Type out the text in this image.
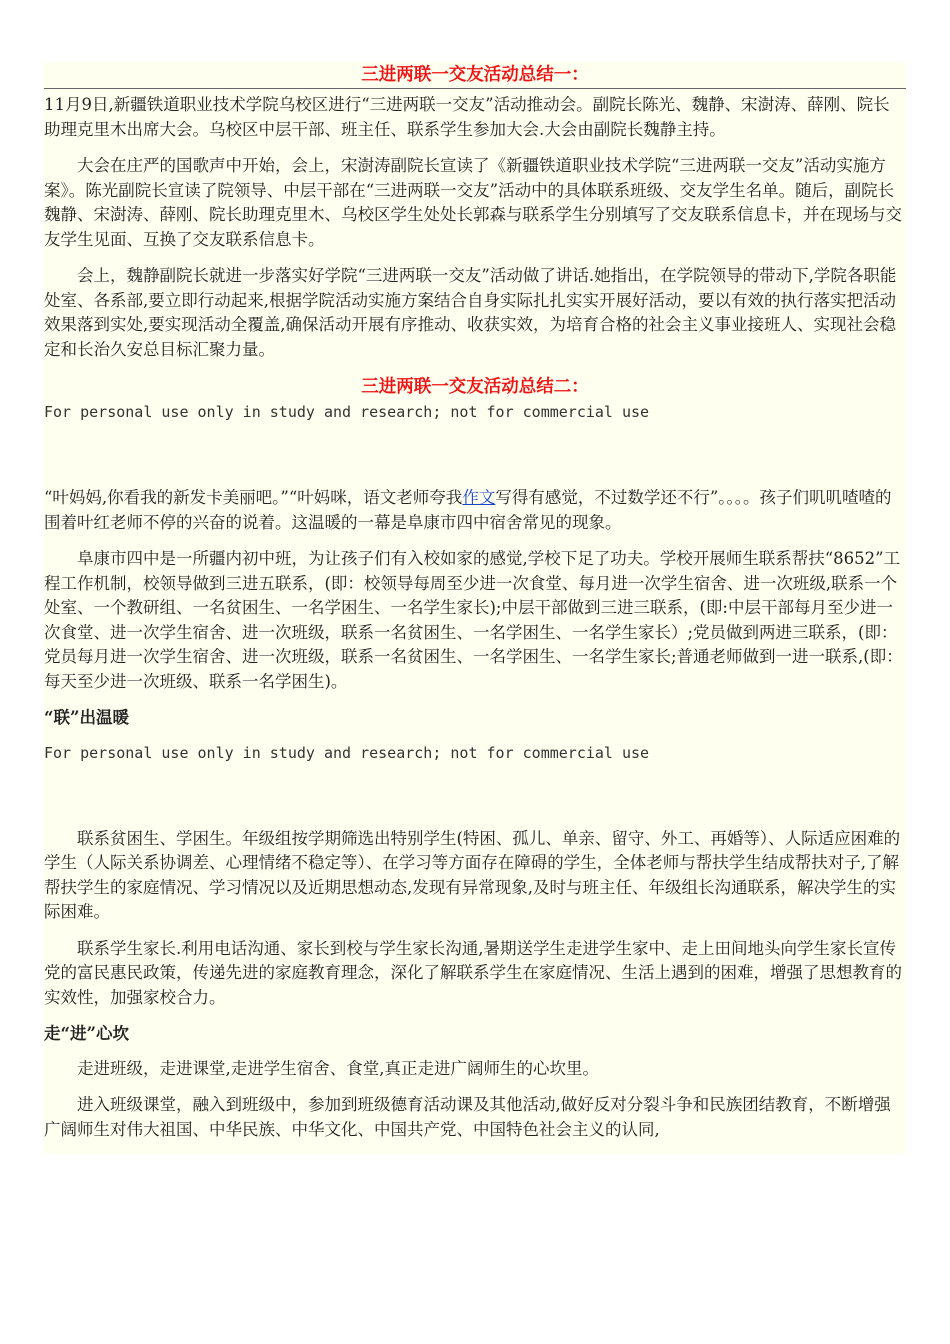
三进两联一交友活动总结一：

11月9日,新疆铁道职业技术学院乌校区进行“三进两联一交友”活动推动会。副院长陈光、魏静、宋澍涛、薛刚、院长助理克里木出席大会。乌校区中层干部、班主任、联系学生参加大会.大会由副院长魏静主持。

大会在庄严的国歌声中开始，会上，宋澍涛副院长宣读了《新疆铁道职业技术学院“三进两联一交友”活动实施方案》。陈光副院长宣读了院领导、中层干部在“三进两联一交友”活动中的具体联系班级、交友学生名单。随后，副院长魏静、宋澍涛、薛刚、院长助理克里木、乌校区学生处处长郭森与联系学生分别填写了交友联系信息卡，并在现场与交友学生见面、互换了交友联系信息卡。

会上，魏静副院长就进一步落实好学院“三进两联一交友”活动做了讲话.她指出，在学院领导的带动下,学院各职能处室、各系部,要立即行动起来,根据学院活动实施方案结合自身实际扎扎实实开展好活动，要以有效的执行落实把活动效果落到实处,要实现活动全覆盖,确保活动开展有序推动、收获实效，为培育合格的社会主义事业接班人、实现社会稳定和长治久安总目标汇聚力量。

三进两联一交友活动总结二：
For personal use only in study and research; not for commercial use

“叶妈妈,你看我的新发卡美丽吧。”“叶妈咪，语文老师夸我作文写得有感觉，不过数学还不行”。。。。孩子们叽叽喳喳的围着叶红老师不停的兴奋的说着。这温暖的一幕是阜康市四中宿舍常见的现象。

阜康市四中是一所疆内初中班，为让孩子们有入校如家的感觉,学校下足了功夫。学校开展师生联系帮扶“8652”工程工作机制，校领导做到三进五联系，(即：校领导每周至少进一次食堂、每月进一次学生宿舍、进一次班级,联系一个处室、一个教研组、一名贫困生、一名学困生、一名学生家长);中层干部做到三进三联系，(即:中层干部每月至少进一次食堂、进一次学生宿舍、进一次班级，联系一名贫困生、一名学困生、一名学生家长）;党员做到两进三联系，(即：党员每月进一次学生宿舍、进一次班级，联系一名贫困生、一名学困生、一名学生家长;普通老师做到一进一联系,(即：每天至少进一次班级、联系一名学困生)。

“联”出温暖

For personal use only in study and research; not for commercial use

联系贫困生、学困生。年级组按学期筛选出特别学生(特困、孤儿、单亲、留守、外工、再婚等）、人际适应困难的学生（人际关系协调差、心理情绪不稳定等）、在学习等方面存在障碍的学生，全体老师与帮扶学生结成帮扶对子,了解帮扶学生的家庭情况、学习情况以及近期思想动态,发现有异常现象,及时与班主任、年级组长沟通联系，解决学生的实际困难。

联系学生家长.利用电话沟通、家长到校与学生家长沟通,暑期送学生走进学生家中、走上田间地头向学生家长宣传党的富民惠民政策，传递先进的家庭教育理念，深化了解联系学生在家庭情况、生活上遇到的困难，增强了思想教育的实效性，加强家校合力。

走“进”心坎

走进班级，走进课堂,走进学生宿舍、食堂,真正走进广阔师生的心坎里。

进入班级课堂，融入到班级中，参加到班级德育活动课及其他活动,做好反对分裂斗争和民族团结教育，不断增强广阔师生对伟大祖国、中华民族、中华文化、中国共产党、中国特色社会主义的认同,
